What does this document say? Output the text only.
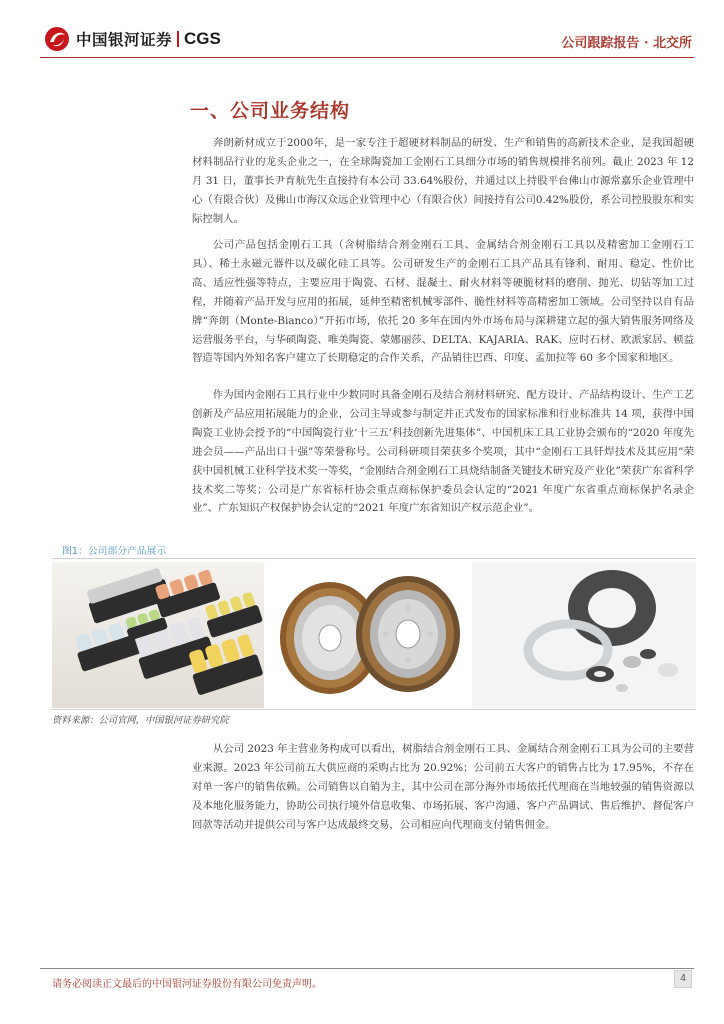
中国银河证券 CGS	公司跟踪报告 · 北交所
一、公司业务结构

奔朗新材成立于2000年，是一家专注于超硬材料制品的研发、生产和销售的高新技术企业，是我国超硬材料制品行业的龙头企业之一，在全球陶瓷加工金刚石工具细分市场的销售规模排名前列。截止 2023 年 12 月 31 日，董事长尹育航先生直接持有本公司 33.64%股份，并通过以上持股平台佛山市源常嘉乐企业管理中心（有限合伙）及佛山市海汉众远企业管理中心（有限合伙）间接持有公司0.42%股份，系公司控股股东和实际控制人。

公司产品包括金刚石工具（含树脂结合剂金刚石工具、金属结合剂金刚石工具以及精密加工金刚石工具）、稀土永磁元器件以及碳化硅工具等。公司研发生产的金刚石工具产品具有锋利、耐用、稳定、性价比高、适应性强等特点，主要应用于陶瓷、石材、混凝土、耐火材料等硬脆材料的磨削、抛光、切钻等加工过程，并随着产品开发与应用的拓展，延伸至精密机械零部件、脆性材料等高精密加工领域。公司坚持以自有品牌“奔朗（Monte-Bianco）”开拓市场，依托 20 多年在国内外市场布局与深耕建立起的强大销售服务网络及运营服务平台，与华硕陶瓷、唯美陶瓷、蒙娜丽莎、DELTA、KAJARIA、RAK、应时石材、欧派家居、顿益智造等国内外知名客户建立了长期稳定的合作关系，产品销往巴西、印度、孟加拉等 60 多个国家和地区。

作为国内金刚石工具行业中少数同时具备金刚石及结合剂材料研究、配方设计、产品结构设计、生产工艺创新及产品应用拓展能力的企业，公司主导或参与制定并正式发布的国家标准和行业标准共 14 项，获得中国陶瓷工业协会授予的“中国陶瓷行业‘十三五’科技创新先进集体”、中国机床工具工业协会颁布的“2020 年度先进会员——产品出口十强”等荣誉称号。公司科研项目荣获多个奖项，其中“金刚石工具钎焊技术及其应用”荣获中国机械工业科学技术奖一等奖，“金刚结合剂金刚石工具烧结制备关键技术研究及产业化”荣获广东省科学技术奖二等奖；公司是广东省标杆协会重点商标保护委员会认定的“2021 年度广东省重点商标保护名录企业”、广东知识产权保护协会认定的“2021 年度广东省知识产权示范企业”。

图1：公司部分产品展示
资料来源：公司官网，中国银河证券研究院

从公司 2023 年主营业务构成可以看出，树脂结合剂金刚石工具、金属结合剂金刚石工具为公司的主要营业来源。2023 年公司前五大供应商的采购占比为 20.92%；公司前五大客户的销售占比为 17.95%，不存在对单一客户的销售依赖。公司销售以自销为主，其中公司在部分海外市场依托代理商在当地较强的销售资源以及本地化服务能力，协助公司执行境外信息收集、市场拓展、客户沟通、客户产品调试、售后维护、督促客户回款等活动并提供公司与客户达成最终交易，公司相应向代理商支付销售佣金。

请务必阅读正文最后的中国银河证券股份有限公司免责声明。
4
